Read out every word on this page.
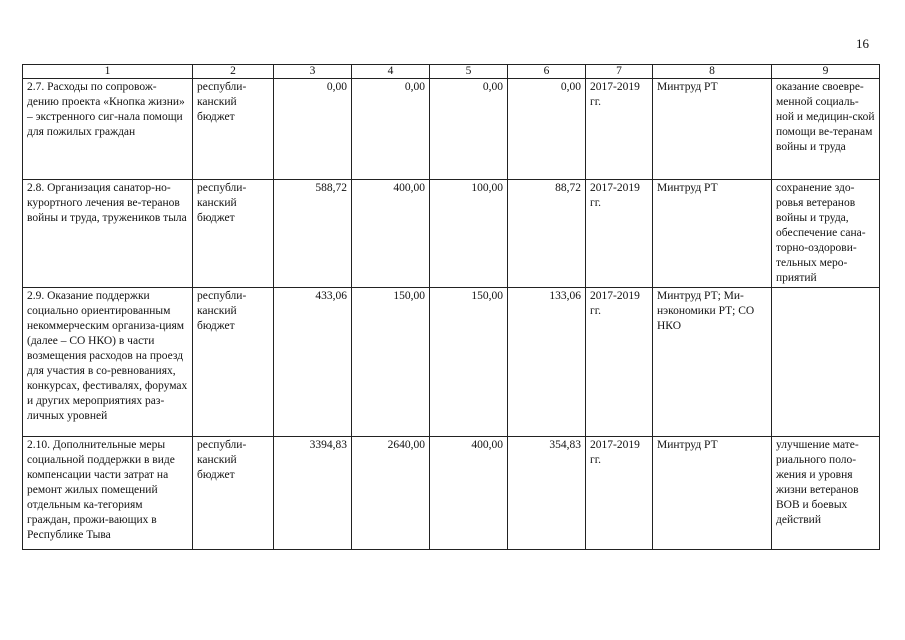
16
1	2	3	4	5	6	7	8	9
2.7. Расходы по сопровож-дению проекта «Кнопка жизни» – экстренного сиг-нала помощи для пожилых граждан	республи-канский бюджет	0,00	0,00	0,00	0,00	2017-2019 гг.	Минтруд РТ	оказание своевре-менной социаль-ной и медицин-ской помощи ве-теранам войны и труда
2.8. Организация санатор-но-курортного лечения ве-теранов войны и труда, тружеников тыла	республи-канский бюджет	588,72	400,00	100,00	88,72	2017-2019 гг.	Минтруд РТ	сохранение здо-ровья ветеранов войны и труда, обеспечение сана-торно-оздорови-тельных меро-приятий
2.9. Оказание поддержки социально ориентированным некоммерческим организа-циям (далее – СО НКО) в части возмещения расходов на проезд для участия в со-ревнованиях, конкурсах, фестивалях, форумах и других мероприятиях раз-личных уровней	республи-канский бюджет	433,06	150,00	150,00	133,06	2017-2019 гг.	Минтруд РТ; Ми-нэкономики РТ; СО НКО	
2.10. Дополнительные меры социальной поддержки в виде компенсации части затрат на ремонт жилых помещений отдельным ка-тегориям граждан, прожи-вающих в Республике Тыва	республи-канский бюджет	3394,83	2640,00	400,00	354,83	2017-2019 гг.	Минтруд РТ	улучшение мате-риального поло-жения и уровня жизни ветеранов ВОВ и боевых действий
